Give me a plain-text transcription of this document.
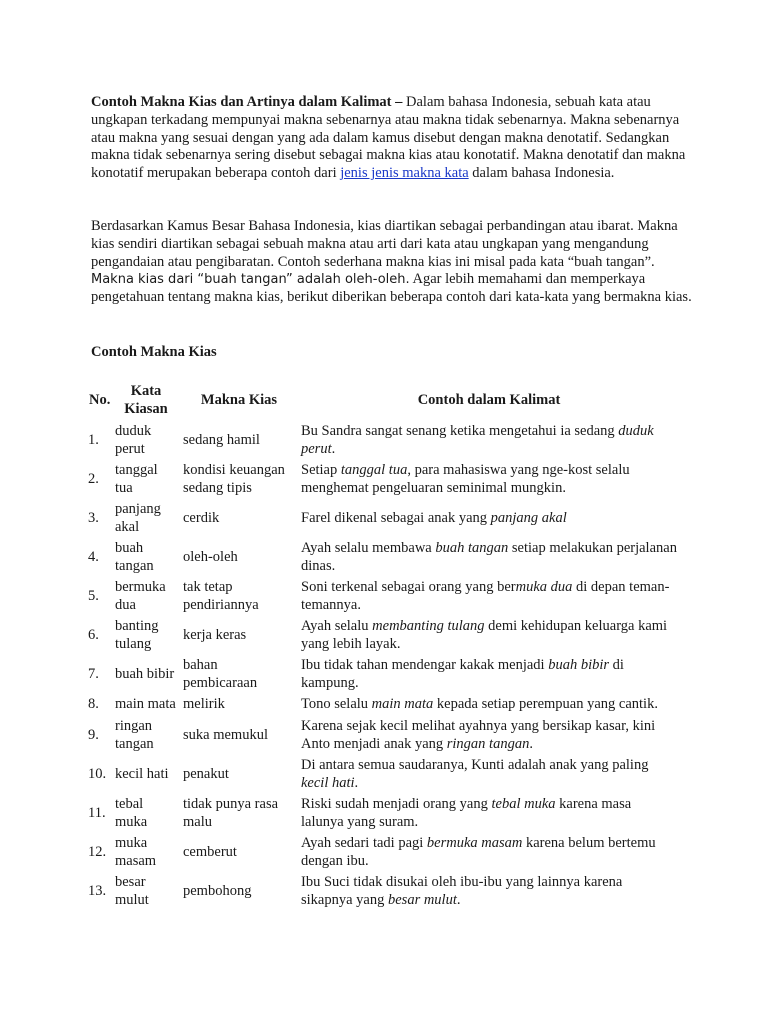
Contoh Makna Kias dan Artinya dalam Kalimat – Dalam bahasa Indonesia, sebuah kata atau ungkapan terkadang mempunyai makna sebenarnya atau makna tidak sebenarnya. Makna sebenarnya atau makna yang sesuai dengan yang ada dalam kamus disebut dengan makna denotatif. Sedangkan makna tidak sebenarnya sering disebut sebagai makna kias atau konotatif. Makna denotatif dan makna konotatif merupakan beberapa contoh dari jenis jenis makna kata dalam bahasa Indonesia.

Berdasarkan Kamus Besar Bahasa Indonesia, kias diartikan sebagai perbandingan atau ibarat. Makna kias sendiri diartikan sebagai sebuah makna atau arti dari kata atau ungkapan yang mengandung pengandaian atau pengibaratan. Contoh sederhana makna kias ini misal pada kata “buah tangan”. Makna kias dari “buah tangan” adalah oleh-oleh. Agar lebih memahami dan memperkaya pengetahuan tentang makna kias, berikut diberikan beberapa contoh dari kata-kata yang bermakna kias.

Contoh Makna Kias

No.	Kata Kiasan	Makna Kias	Contoh dalam Kalimat
1.	duduk perut	sedang hamil	Bu Sandra sangat senang ketika mengetahui ia sedang duduk perut.
2.	tanggal tua	kondisi keuangan sedang tipis	Setiap tanggal tua, para mahasiswa yang nge-kost selalu menghemat pengeluaran seminimal mungkin.
3.	panjang akal	cerdik	Farel dikenal sebagai anak yang panjang akal
4.	buah tangan	oleh-oleh	Ayah selalu membawa buah tangan setiap melakukan perjalanan dinas.
5.	bermuka dua	tak tetap pendiriannya	Soni terkenal sebagai orang yang bermuka dua di depan teman-temannya.
6.	banting tulang	kerja keras	Ayah selalu membanting tulang demi kehidupan keluarga kami yang lebih layak.
7.	buah bibir	bahan pembicaraan	Ibu tidak tahan mendengar kakak menjadi buah bibir di kampung.
8.	main mata	melirik	Tono selalu main mata kepada setiap perempuan yang cantik.
9.	ringan tangan	suka memukul	Karena sejak kecil melihat ayahnya yang bersikap kasar, kini Anto menjadi anak yang ringan tangan.
10.	kecil hati	penakut	Di antara semua saudaranya, Kunti adalah anak yang paling kecil hati.
11.	tebal muka	tidak punya rasa malu	Riski sudah menjadi orang yang tebal muka karena masa lalunya yang suram.
12.	muka masam	cemberut	Ayah sedari tadi pagi bermuka masam karena belum bertemu dengan ibu.
13.	besar mulut	pembohong	Ibu Suci tidak disukai oleh ibu-ibu yang lainnya karena sikapnya yang besar mulut.
